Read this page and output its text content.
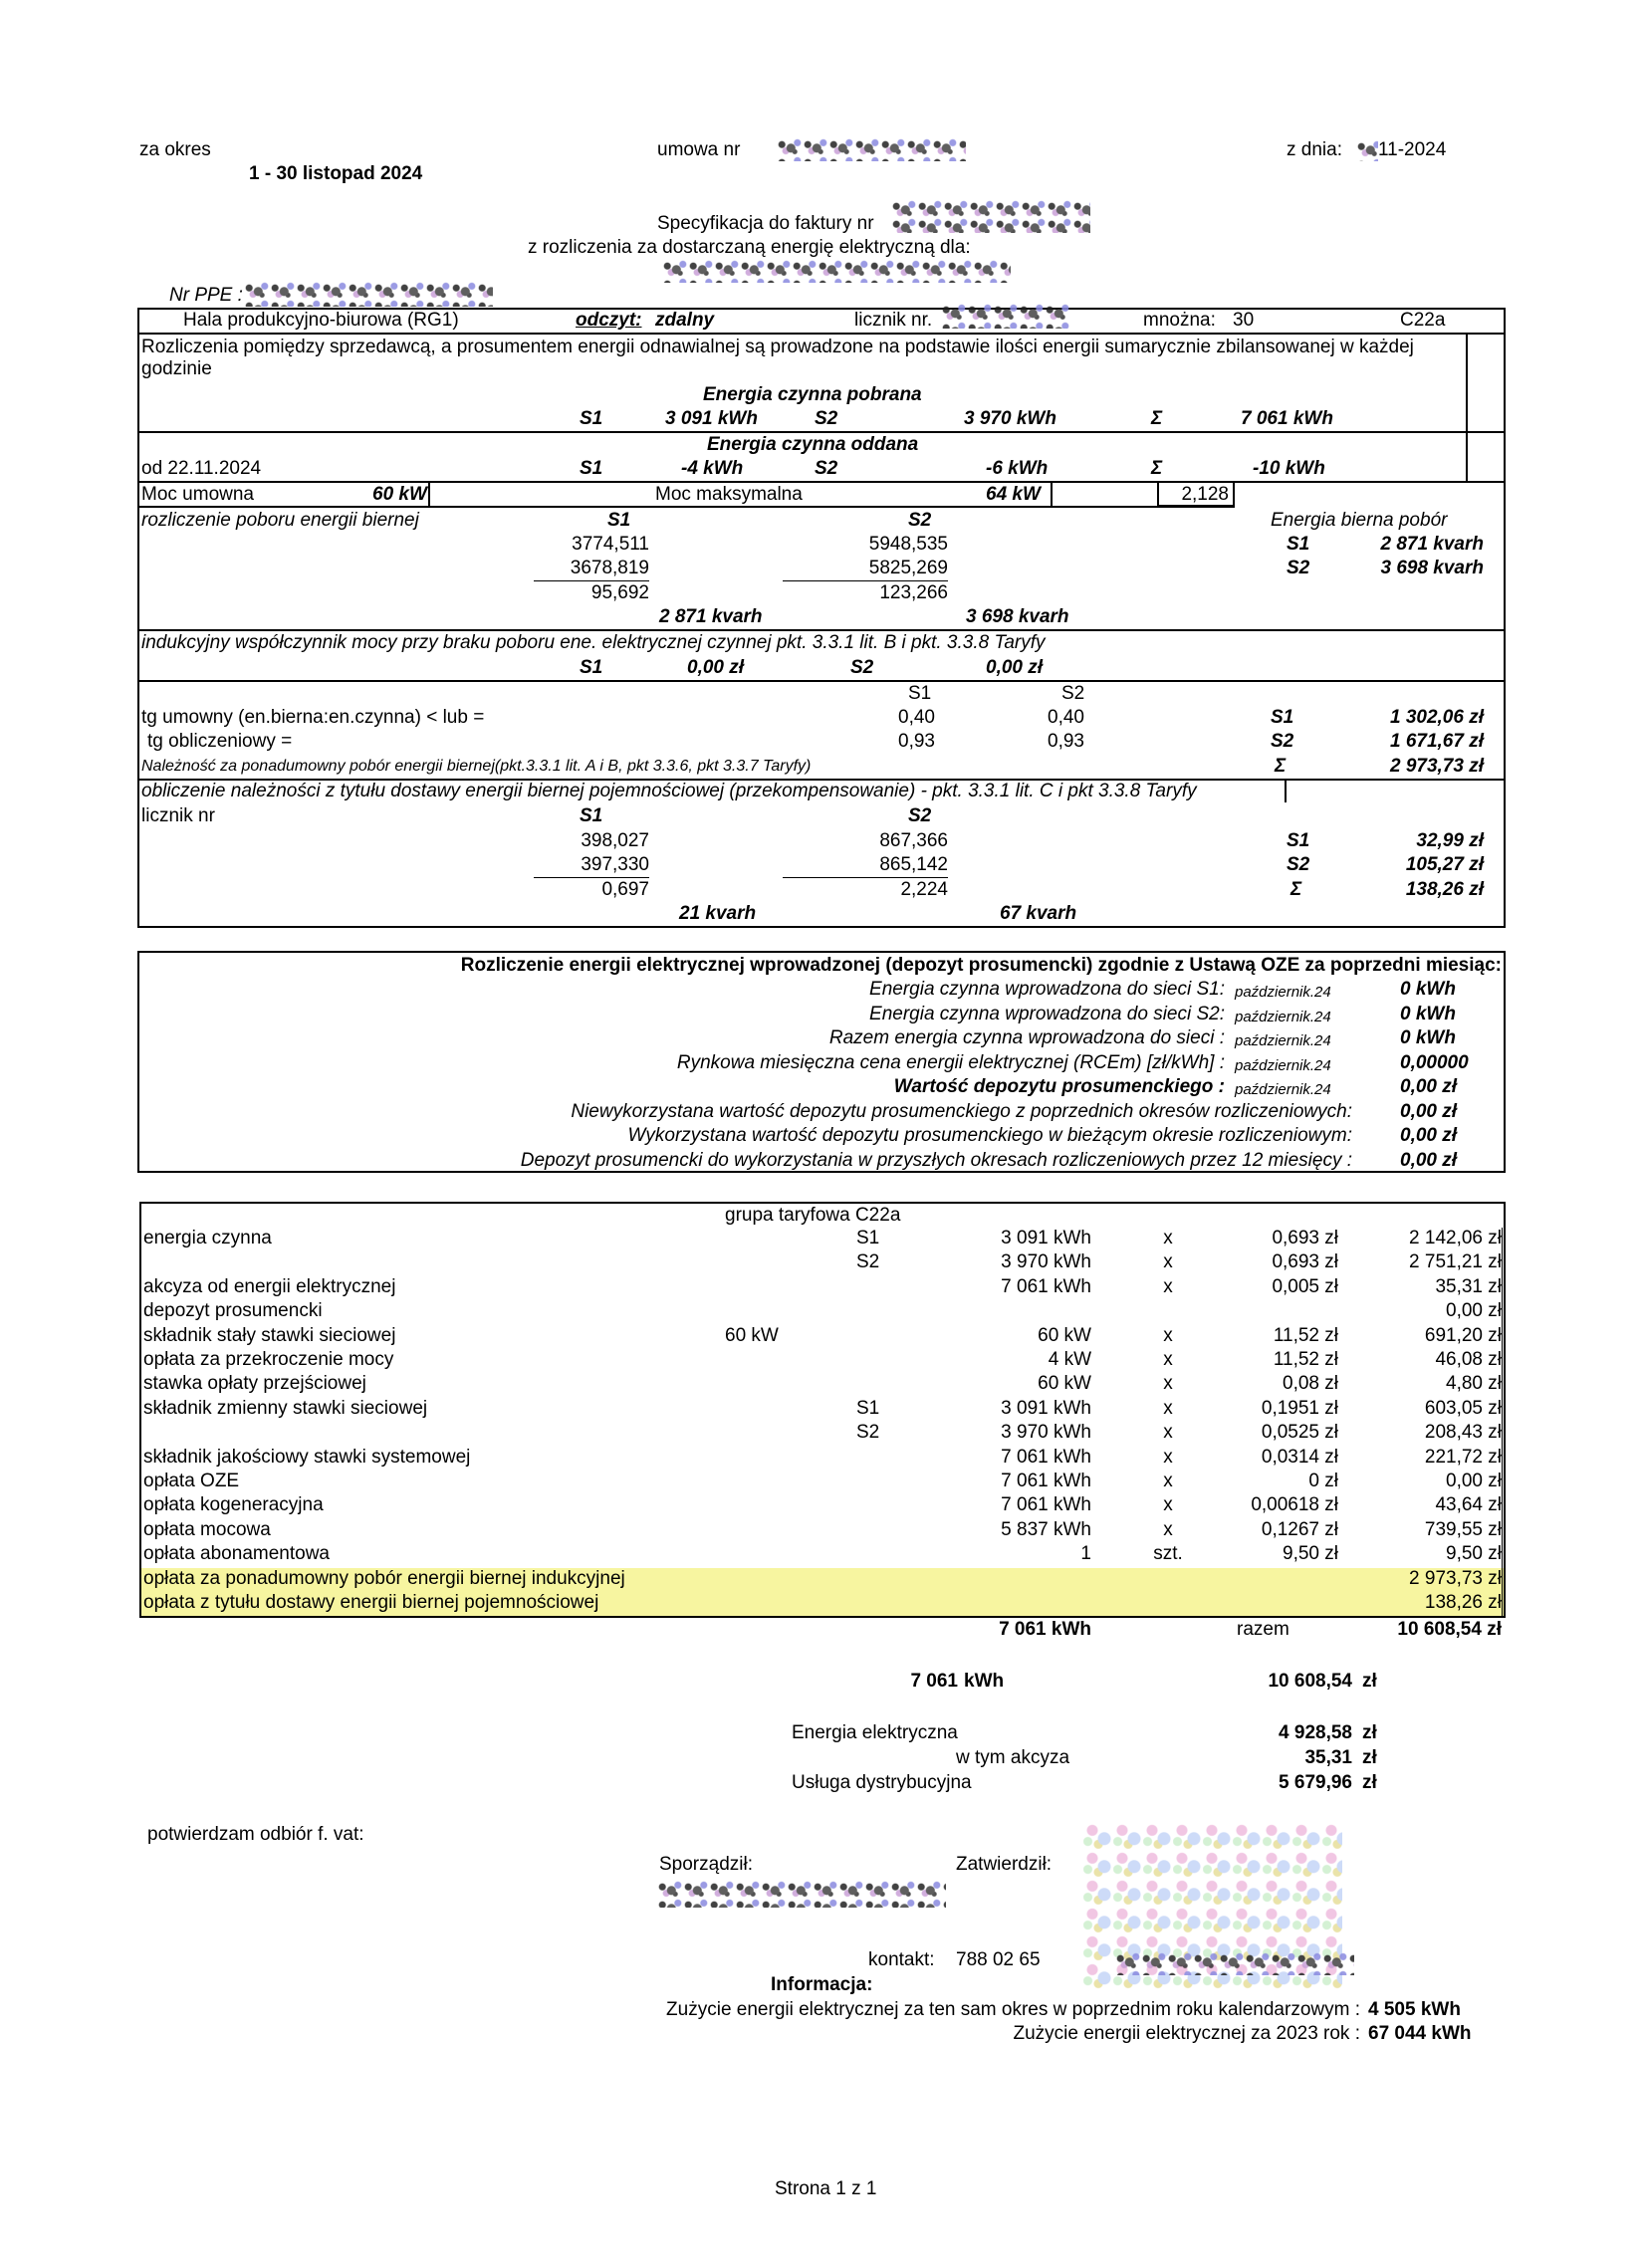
za okres
1 - 30 listopad 2024
umowa nr	z dnia: 11-2024
Specyfikacja do faktury nr
z rozliczenia za dostarczaną energię elektryczną dla:
Nr PPE :
Hala produkcyjno-biurowa (RG1)	odczyt: zdalny	licznik nr.	mnożna: 30	C22a
Rozliczenia pomiędzy sprzedawcą, a prosumentem energii odnawialnej są prowadzone na podstawie ilości energii sumarycznie zbilansowanej w każdej godzinie
Energia czynna pobrana
S1	3 091 kWh	S2	3 970 kWh	Σ	7 061 kWh
Energia czynna oddana
od 22.11.2024	S1	-4 kWh	S2	-6 kWh	Σ	-10 kWh
Moc umowna	60 kW	Moc maksymalna	64 kW	2,128
rozliczenie poboru energii biernej	S1	S2	Energia bierna pobór
3774,511	5948,535	S1	2 871 kvarh
3678,819	5825,269	S2	3 698 kvarh
95,692	123,266
2 871 kvarh	3 698 kvarh
indukcyjny współczynnik mocy przy braku poboru ene. elektrycznej czynnej pkt. 3.3.1 lit. B i pkt. 3.3.8 Taryfy
S1	0,00 zł	S2	0,00 zł
S1	S2
tg umowny (en.bierna:en.czynna) < lub =	0,40	0,40	S1	1 302,06 zł
tg obliczeniowy =	0,93	0,93	S2	1 671,67 zł
Należność za ponadumowny pobór energii biernej(pkt.3.3.1 lit. A i B, pkt 3.3.6, pkt 3.3.7 Taryfy)	Σ	2 973,73 zł
obliczenie należności z tytułu dostawy energii biernej pojemnościowej (przekompensowanie) - pkt. 3.3.1 lit. C i pkt 3.3.8 Taryfy
licznik nr	S1	S2
398,027	867,366	S1	32,99 zł
397,330	865,142	S2	105,27 zł
0,697	2,224	Σ	138,26 zł
21 kvarh	67 kvarh
Rozliczenie energii elektrycznej wprowadzonej (depozyt prosumencki) zgodnie z Ustawą OZE za poprzedni miesiąc:
Energia czynna wprowadzona do sieci S1: październik.24	0 kWh
Energia czynna wprowadzona do sieci S2: październik.24	0 kWh
Razem energia czynna wprowadzona do sieci : październik.24	0 kWh
Rynkowa miesięczna cena energii elektrycznej (RCEm) [zł/kWh] : październik.24	0,00000
Wartość depozytu prosumenckiego : październik.24	0,00 zł
Niewykorzystana wartość depozytu prosumenckiego z poprzednich okresów rozliczeniowych:	0,00 zł
Wykorzystana wartość depozytu prosumenckiego w bieżącym okresie rozliczeniowym:	0,00 zł
Depozyt prosumencki do wykorzystania w przyszłych okresach rozliczeniowych przez 12 miesięcy :	0,00 zł
grupa taryfowa C22a
energia czynna	S1	3 091 kWh	x	0,693 zł	2 142,06 zł
S2	3 970 kWh	x	0,693 zł	2 751,21 zł
akcyza od energii elektrycznej	7 061 kWh	x	0,005 zł	35,31 zł
depozyt prosumencki	0,00 zł
składnik stały stawki sieciowej	60 kW	60 kW	x	11,52 zł	691,20 zł
opłata za przekroczenie mocy	4 kW	x	11,52 zł	46,08 zł
stawka opłaty przejściowej	60 kW	x	0,08 zł	4,80 zł
składnik zmienny stawki sieciowej	S1	3 091 kWh	x	0,1951 zł	603,05 zł
S2	3 970 kWh	x	0,0525 zł	208,43 zł
składnik jakościowy stawki systemowej	7 061 kWh	x	0,0314 zł	221,72 zł
opłata OZE	7 061 kWh	x	0 zł	0,00 zł
opłata kogeneracyjna	7 061 kWh	x	0,00618 zł	43,64 zł
opłata mocowa	5 837 kWh	x	0,1267 zł	739,55 zł
opłata abonamentowa	1	szt.	9,50 zł	9,50 zł
opłata za ponadumowny pobór energii biernej indukcyjnej	2 973,73 zł
opłata z tytułu dostawy energii biernej pojemnościowej	138,26 zł
7 061 kWh	razem	10 608,54 zł
7 061 kWh	10 608,54 zł
Energia elektryczna	4 928,58 zł
w tym akcyza	35,31 zł
Usługa dystrybucyjna	5 679,96 zł
potwierdzam odbiór f. vat:
Sporządził:	Zatwierdził:
kontakt: 788 02 65
Informacja:
Zużycie energii elektrycznej za ten sam okres w poprzednim roku kalendarzowym : 4 505 kWh
Zużycie energii elektrycznej za 2023 rok : 67 044 kWh
Strona 1 z 1
